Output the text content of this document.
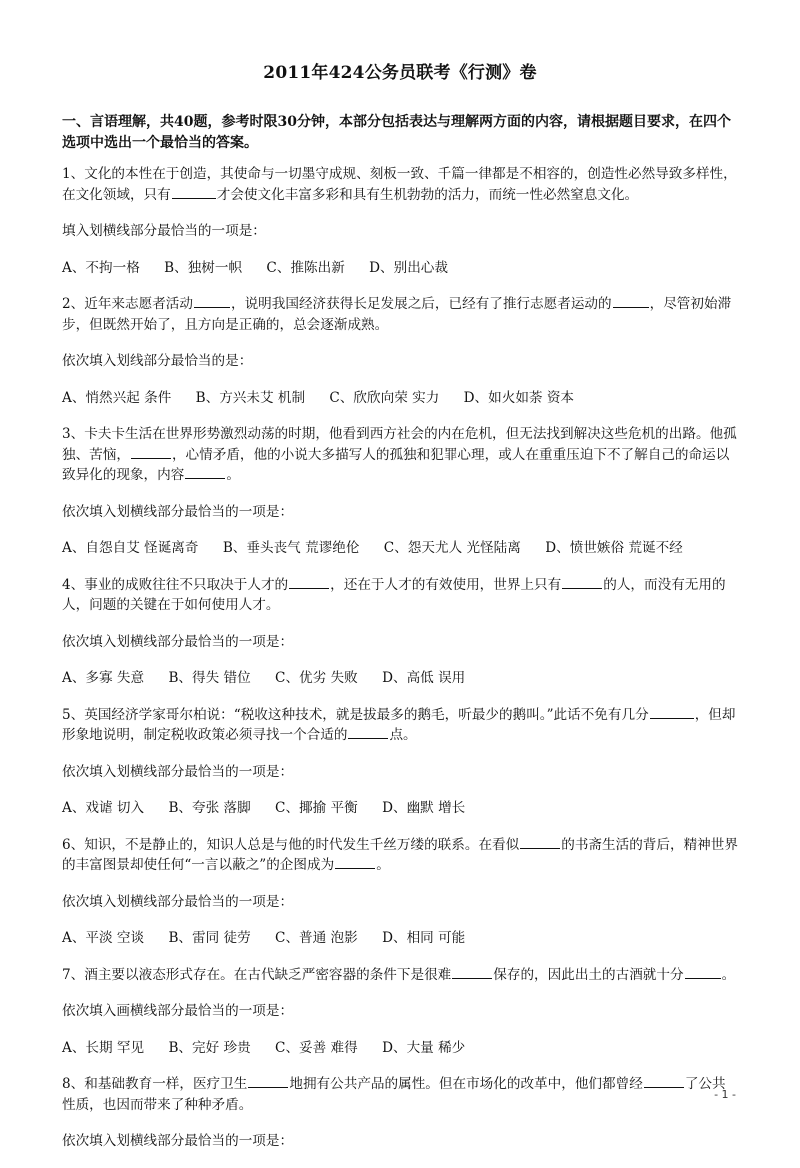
2011年424公务员联考《行测》卷

一、言语理解，共40题，参考时限30分钟，本部分包括表达与理解两方面的内容，请根据题目要求，在四个选项中选出一个最恰当的答案。

1、文化的本性在于创造，其使命与一切墨守成规、刻板一致、千篇一律都是不相容的，创造性必然导致多样性，在文化领域，只有	才会使文化丰富多彩和具有生机勃勃的活力，而统一性必然窒息文化。

填入划横线部分最恰当的一项是：

A、不拘一格 B、独树一帜 C、推陈出新 D、别出心裁

2、近年来志愿者活动	，说明我国经济获得长足发展之后，已经有了推行志愿者运动的	，尽管初始滞步，但既然开始了，且方向是正确的，总会逐渐成熟。

依次填入划线部分最恰当的是：

A、悄然兴起 条件 B、方兴未艾 机制 C、欣欣向荣 实力 D、如火如荼 资本

3、卡夫卡生活在世界形势激烈动荡的时期，他看到西方社会的内在危机，但无法找到解决这些危机的出路。他孤独、苦恼，	，心情矛盾，他的小说大多描写人的孤独和犯罪心理，或人在重重压迫下不了解自己的命运以致异化的现象，内容	。

依次填入划横线部分最恰当的一项是：

A、自怨自艾 怪诞离奇 B、垂头丧气 荒谬绝伦 C、怨天尤人 光怪陆离 D、愤世嫉俗 荒诞不经

4、事业的成败往往不只取决于人才的	，还在于人才的有效使用，世界上只有	的人，而没有无用的人，问题的关键在于如何使用人才。

依次填入划横线部分最恰当的一项是：

A、多寡 失意 B、得失 错位 C、优劣 失败 D、高低 误用

5、英国经济学家哥尔柏说：“税收这种技术，就是拔最多的鹅毛，听最少的鹅叫。”此话不免有几分	，但却形象地说明，制定税收政策必须寻找一个合适的	点。

依次填入划横线部分最恰当的一项是：

A、戏谑 切入 B、夸张 落脚 C、揶揄 平衡 D、幽默 增长

6、知识，不是静止的，知识人总是与他的时代发生千丝万缕的联系。在看似	的书斋生活的背后，精神世界的丰富图景却使任何“一言以蔽之”的企图成为	。

依次填入划横线部分最恰当的一项是：

A、平淡 空谈 B、雷同 徒劳 C、普通 泡影 D、相同 可能

7、酒主要以液态形式存在。在古代缺乏严密容器的条件下是很难	保存的，因此出土的古酒就十分	。

依次填入画横线部分最恰当的一项是：

A、长期 罕见 B、完好 珍贵 C、妥善 难得 D、大量 稀少

8、和基础教育一样，医疗卫生	地拥有公共产品的属性。但在市场化的改革中，他们都曾经	了公共性质，也因而带来了种种矛盾。

依次填入划横线部分最恰当的一项是：

- 1 -
